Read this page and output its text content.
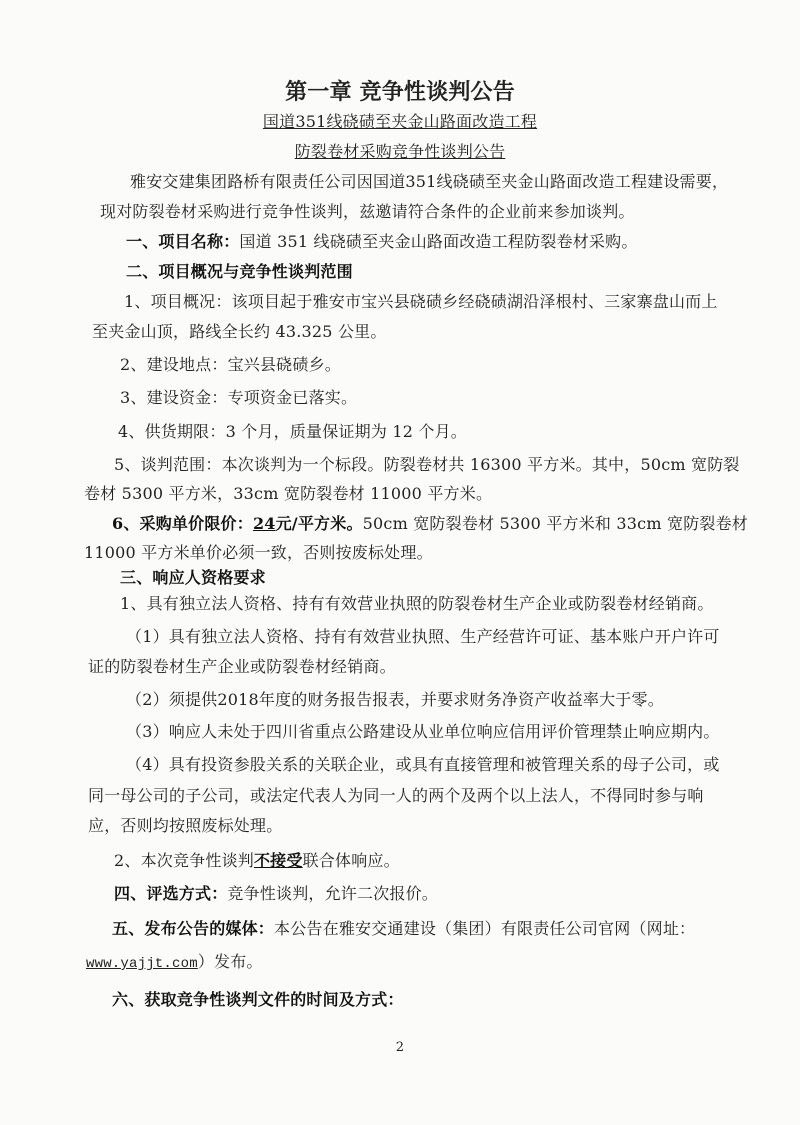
第一章 竞争性谈判公告
国道351线硗碛至夹金山路面改造工程
防裂卷材采购竞争性谈判公告
雅安交建集团路桥有限责任公司因国道351线硗碛至夹金山路面改造工程建设需要，
现对防裂卷材采购进行竞争性谈判，兹邀请符合条件的企业前来参加谈判。
一、项目名称：国道 351 线硗碛至夹金山路面改造工程防裂卷材采购。
二、项目概况与竞争性谈判范围
1、项目概况：该项目起于雅安市宝兴县硗碛乡经硗碛湖沿泽根村、三家寨盘山而上
至夹金山顶，路线全长约 43.325 公里。
2、建设地点：宝兴县硗碛乡。
3、建设资金：专项资金已落实。
4、供货期限：3 个月，质量保证期为 12 个月。
5、谈判范围：本次谈判为一个标段。防裂卷材共 16300 平方米。其中，50cm 宽防裂
卷材 5300 平方米，33cm 宽防裂卷材 11000 平方米。
6、采购单价限价：24元/平方米。50cm 宽防裂卷材 5300 平方米和 33cm 宽防裂卷材
11000 平方米单价必须一致，否则按废标处理。
三、响应人资格要求
1、具有独立法人资格、持有有效营业执照的防裂卷材生产企业或防裂卷材经销商。
（1）具有独立法人资格、持有有效营业执照、生产经营许可证、基本账户开户许可
证的防裂卷材生产企业或防裂卷材经销商。
（2）须提供2018年度的财务报告报表，并要求财务净资产收益率大于零。
（3）响应人未处于四川省重点公路建设从业单位响应信用评价管理禁止响应期内。
（4）具有投资参股关系的关联企业，或具有直接管理和被管理关系的母子公司，或
同一母公司的子公司，或法定代表人为同一人的两个及两个以上法人，不得同时参与响
应，否则均按照废标处理。
2、本次竞争性谈判不接受联合体响应。
四、评选方式：竞争性谈判，允许二次报价。
五、发布公告的媒体：本公告在雅安交通建设（集团）有限责任公司官网（网址：
www.yajjt.com）发布。
六、获取竞争性谈判文件的时间及方式：
2
